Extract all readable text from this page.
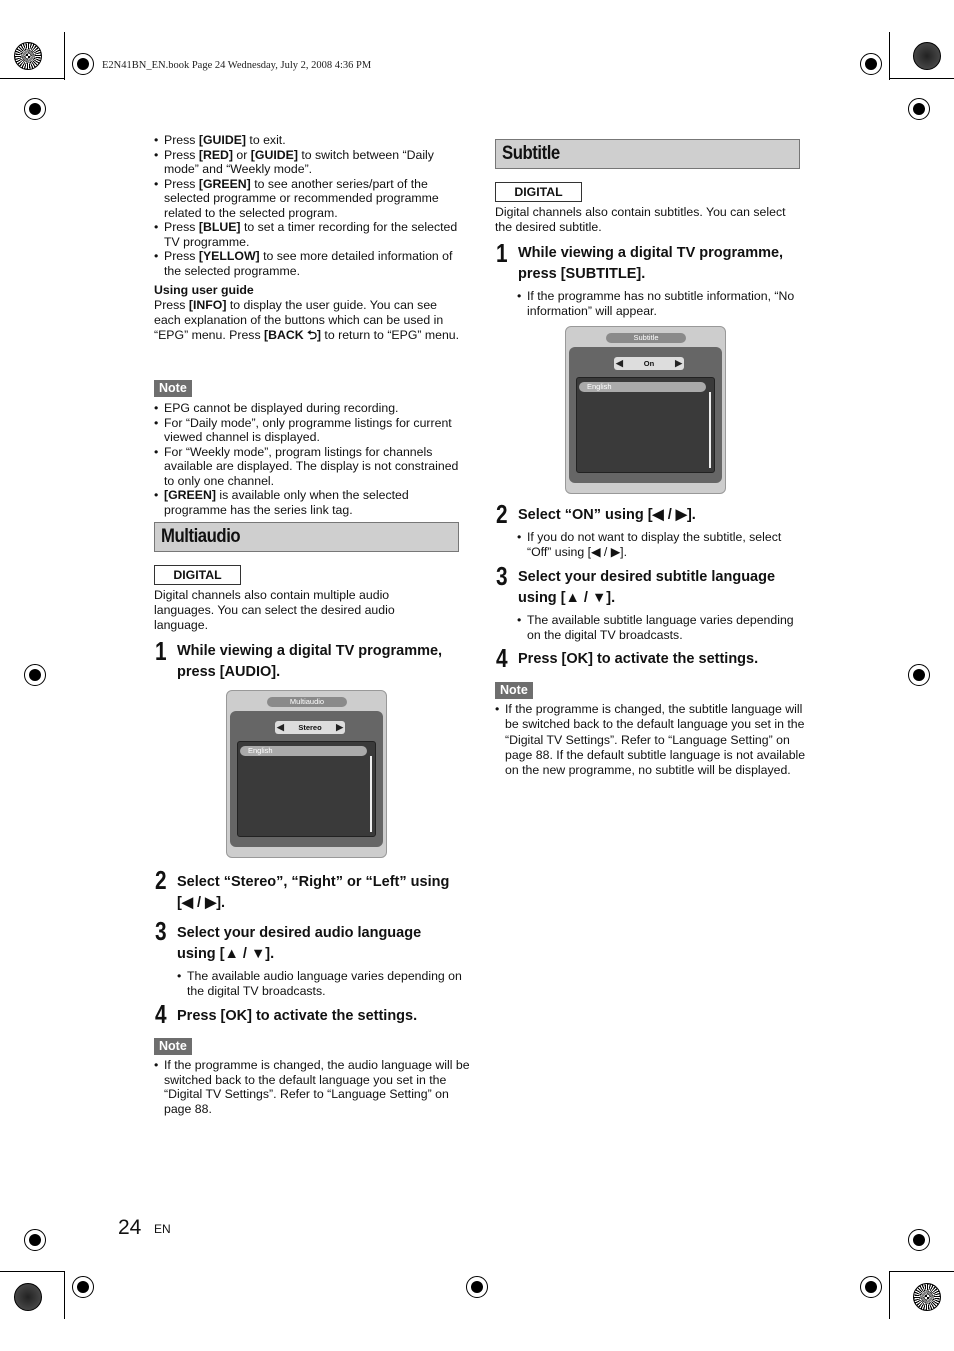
E2N41BN_EN.book Page 24 Wednesday, July 2, 2008 4:36 PM

• Press [GUIDE] to exit.

• Press [RED] or [GUIDE] to switch between “Daily mode” and “Weekly mode”.

• Press [GREEN] to see another series/part of the selected programme or recommended programme related to the selected program.

• Press [BLUE] to set a timer recording for the selected TV programme.

• Press [YELLOW] to see more detailed information of the selected programme.

Using user guide

Press [INFO] to display the user guide. You can see each explanation of the buttons which can be used in “EPG” menu. Press [BACK ⮌] to return to “EPG” menu.

Note

• EPG cannot be displayed during recording.

• For “Daily mode”, only programme listings for current viewed channel is displayed.

• For “Weekly mode”, program listings for channels available are displayed. The display is not constrained to only one channel.

• [GREEN] is available only when the selected programme has the series link tag.

Multiaudio
DIGITAL

Digital channels also contain multiple audio languages. You can select the desired audio language.

1 While viewing a digital TV programme, press [AUDIO].

Multiaudio
◀ Stereo ▶
English
2 Select “Stereo”, “Right” or “Left” using [◀ / ▶].

3 Select your desired audio language using [▲ / ▼].

• The available audio language varies depending on the digital TV broadcasts.

4 Press [OK] to activate the settings.

Note

• If the programme is changed, the audio language will be switched back to the default language you set in the “Digital TV Settings”. Refer to “Language Setting” on page 88.

Subtitle
DIGITAL

Digital channels also contain subtitles. You can select the desired subtitle.

1 While viewing a digital TV programme, press [SUBTITLE].

• If the programme has no subtitle information, “No information” will appear.

Subtitle
◀	On ▶
English
2 Select “ON” using [◀ / ▶].

• If you do not want to display the subtitle, select “Off” using [◀ / ▶].

3 Select your desired subtitle language using [▲ / ▼].

• The available subtitle language varies depending on the digital TV broadcasts.

4 Press [OK] to activate the settings.

Note

• If the programme is changed, the subtitle language will be switched back to the default language you set in the “Digital TV Settings”. Refer to “Language Setting” on page 88. If the default subtitle language is not available on the new programme, no subtitle will be displayed.

24 EN
